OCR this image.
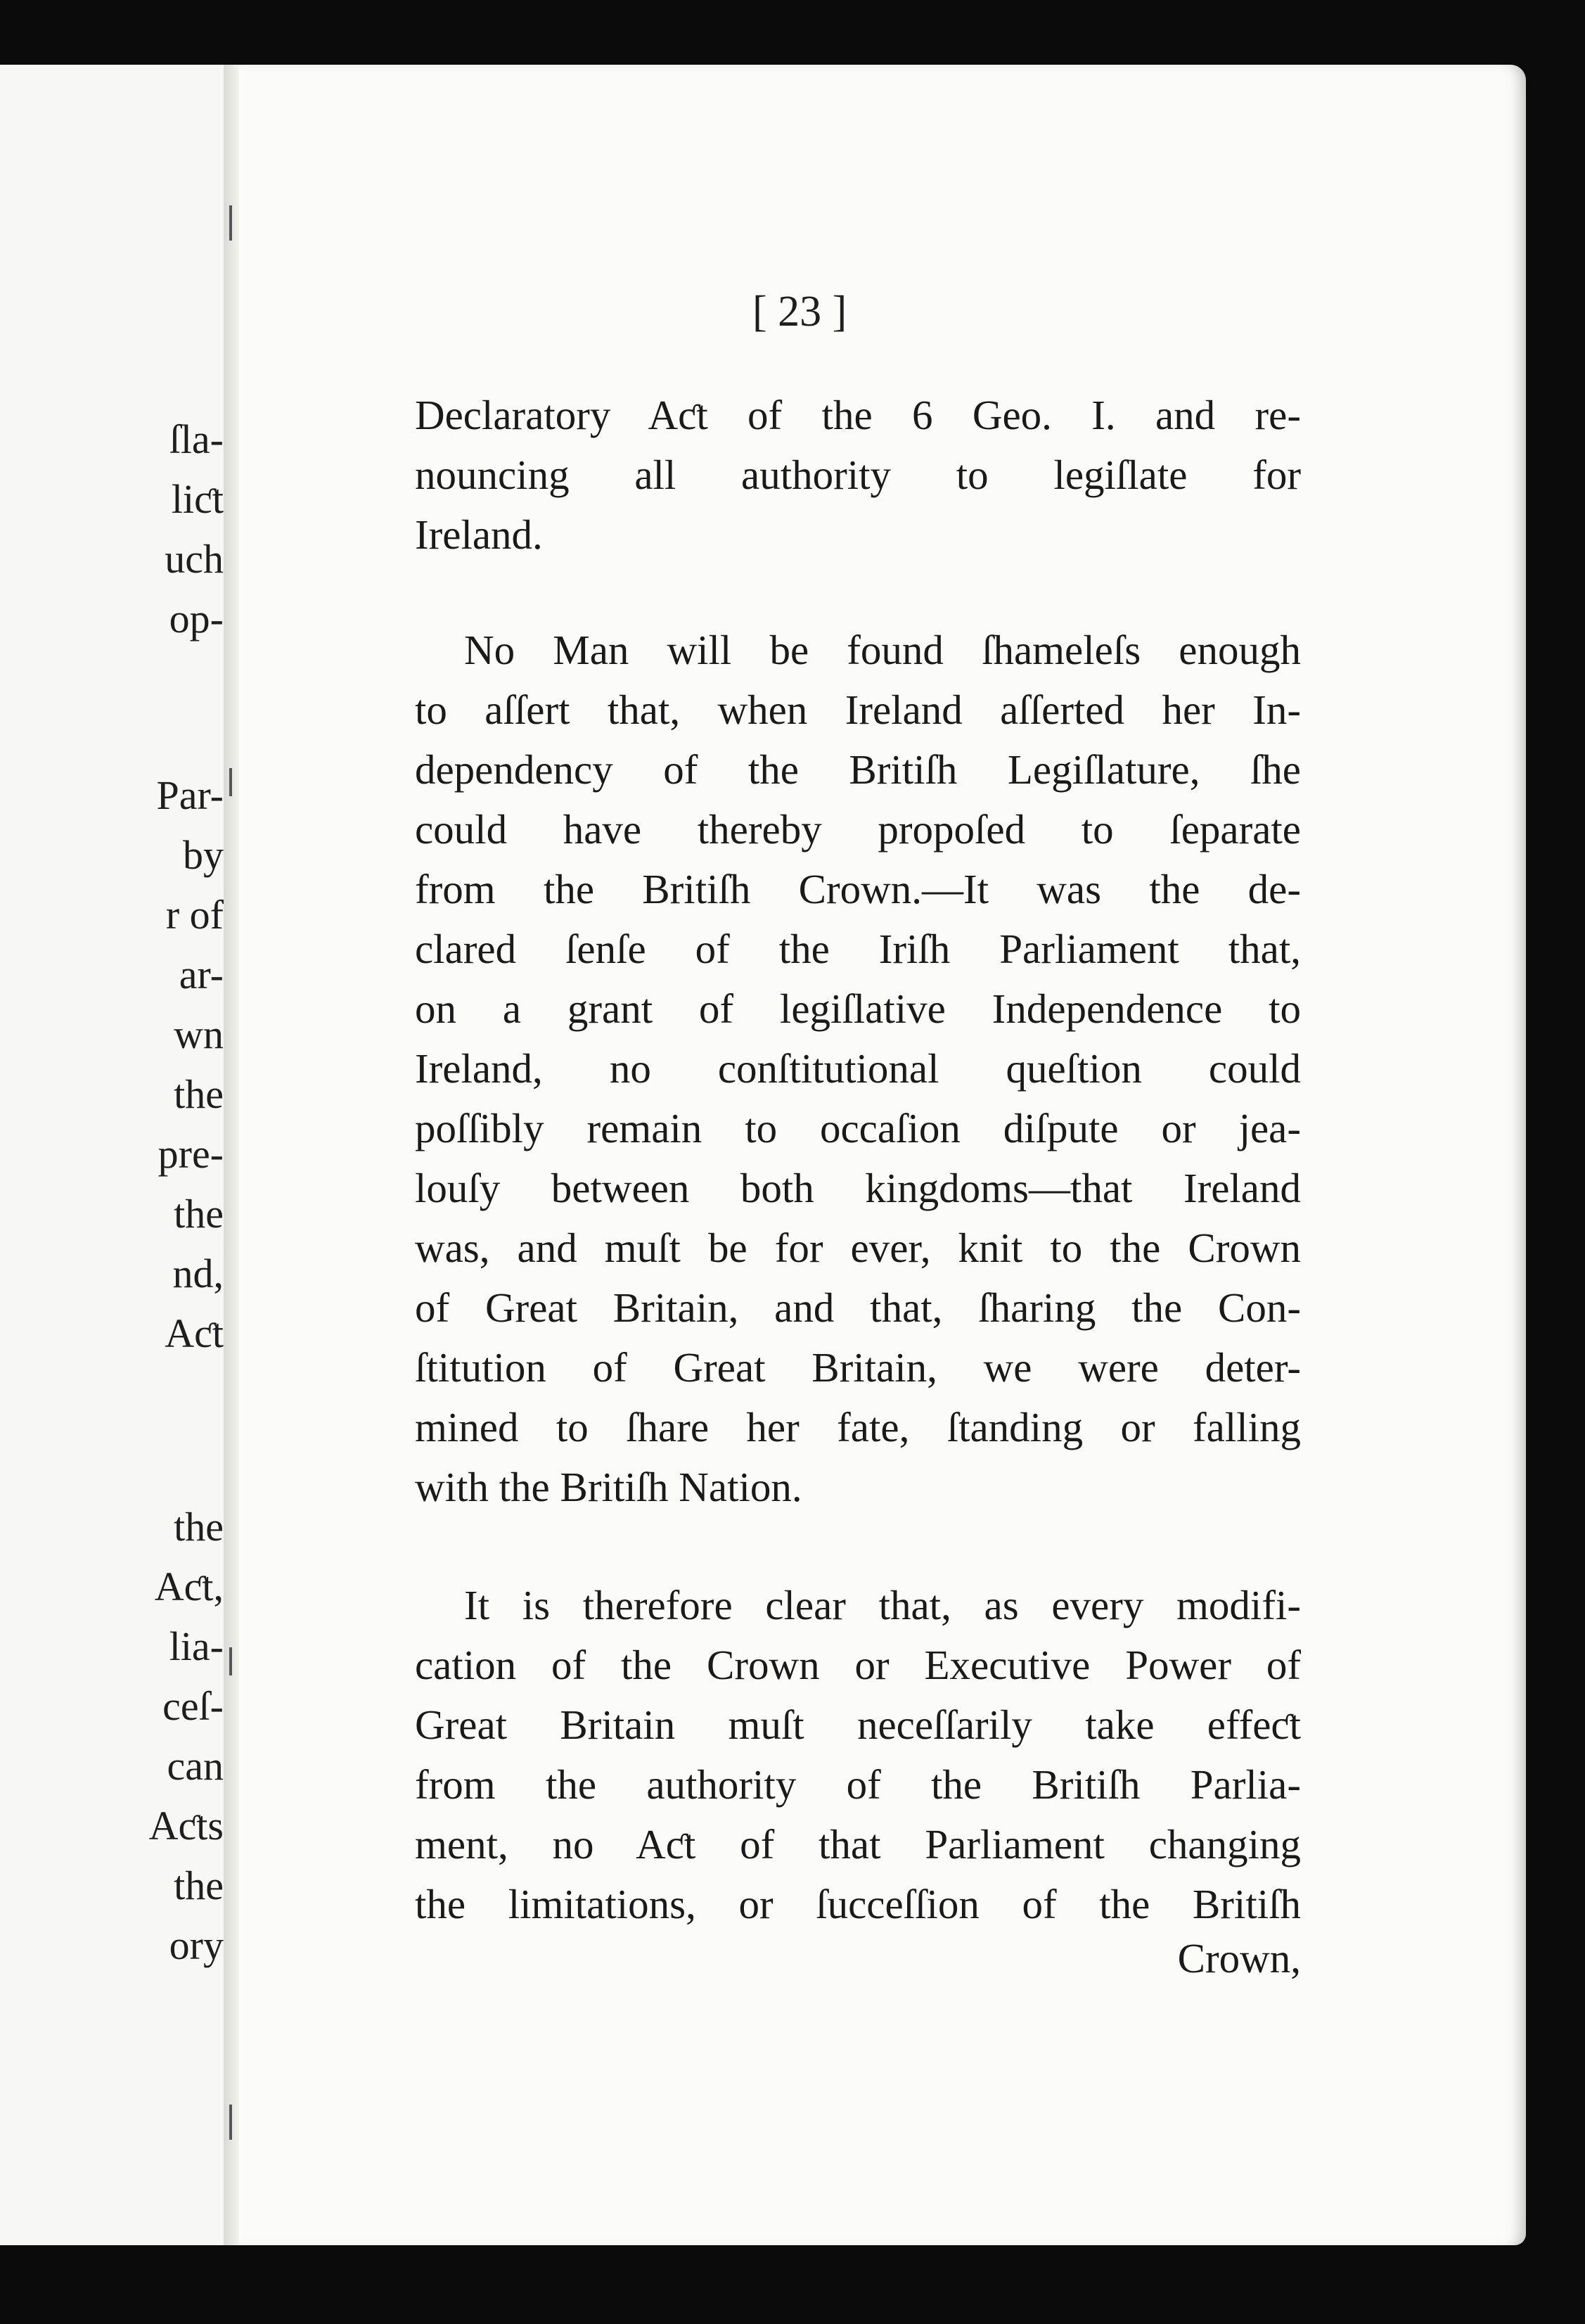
ſla-
liƈt
uch
op-
Par-
by
r of
ar-
wn
the
pre-
the
nd,
Aƈt
the
Aƈt,
lia-
ceſ-
can
Aƈts
the
ory
[ 23 ]
Declaratory Aƈt of the 6 Geo. I. and re-
nouncing all authority to legiſlate for
Ireland.
No Man will be found ſhameleſs enough
to aſſert that, when Ireland aſſerted her In-
dependency of the Britiſh Legiſlature, ſhe
could have thereby propoſed to ſeparate
from the Britiſh Crown.—It was the de-
clared ſenſe of the Iriſh Parliament that,
on a grant of legiſlative Independence to
Ireland, no conſtitutional queſtion could
poſſibly remain to occaſion diſpute or jea-
louſy between both kingdoms—that Ireland
was, and muſt be for ever, knit to the Crown
of Great Britain, and that, ſharing the Con-
ſtitution of Great Britain, we were deter-
mined to ſhare her fate, ſtanding or falling
with the Britiſh Nation.
It is therefore clear that, as every modifi-
cation of the Crown or Executive Power of
Great Britain muſt neceſſarily take effeƈt
from the authority of the Britiſh Parlia-
ment, no Aƈt of that Parliament changing
the limitations, or ſucceſſion of the Britiſh
Crown,
